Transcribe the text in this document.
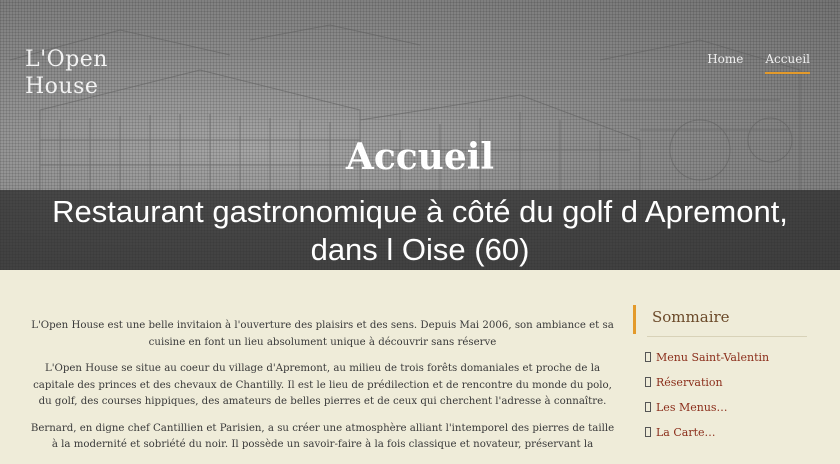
L'Open
House
Home Accueil
Accueil
Restaurant gastronomique à côté du golf d Apremont,
dans l Oise (60)

L'Open House est une belle invitaion à l'ouverture des plaisirs et des sens. Depuis Mai 2006, son ambiance et sa cuisine en font un lieu absolument unique à découvrir sans réserve

L'Open House se situe au coeur du village d'Apremont, au milieu de trois forêts domaniales et proche de la capitale des princes et des chevaux de Chantilly. Il est le lieu de prédilection et de rencontre du monde du polo, du golf, des courses hippiques, des amateurs de belles pierres et de ceux qui cherchent l'adresse à connaître.

Bernard, en digne chef Cantillien et Parisien, a su créer une atmosphère alliant l'intemporel des pierres de taille à la modernité et sobriété du noir. Il possède un savoir-faire à la fois classique et novateur, préservant la

Sommaire
Menu Saint-Valentin
Réservation
Les Menus…
La Carte…
